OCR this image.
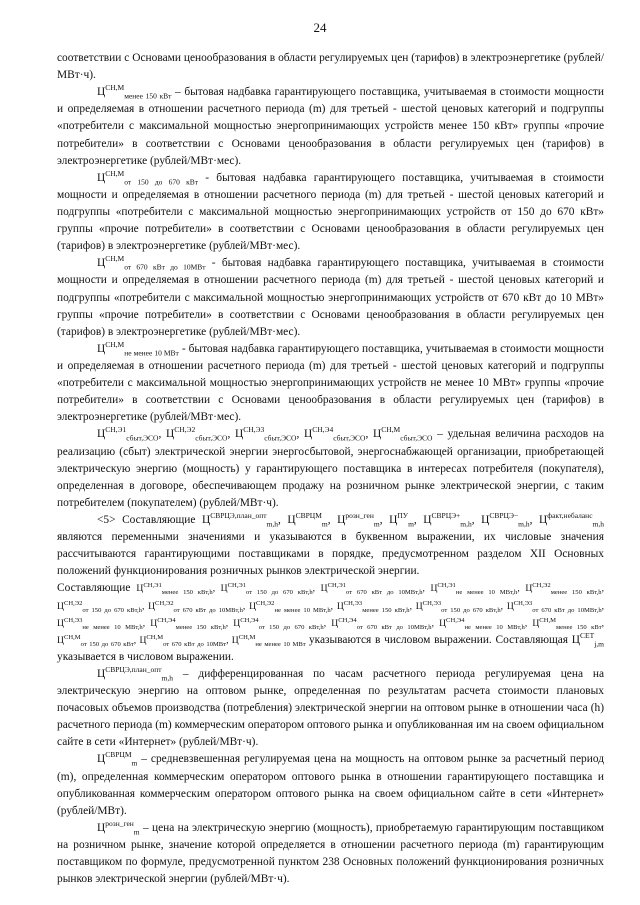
24

соответствии с Основами ценообразования в области регулируемых цен (тарифов) в электроэнергетике (рублей/МВт·ч).

$Ц^{СН,М}_{менее 150 кВт}$ – бытовая надбавка гарантирующего поставщика, учитываемая в стоимости мощности и определяемая в отношении расчетного периода (m) для третьей - шестой ценовых категорий и подгруппы «потребители с максимальной мощностью энергопринимающих устройств менее 150 кВт» группы «прочие потребители» в соответствии с Основами ценообразования в области регулируемых цен (тарифов) в электроэнергетике (рублей/МВт·мес).

$Ц^{СН,М}_{от 150 до 670 кВт}$ - бытовая надбавка гарантирующего поставщика, учитываемая в стоимости мощности и определяемая в отношении расчетного периода (m) для третьей - шестой ценовых категорий и подгруппы «потребители с максимальной мощностью энергопринимающих устройств от 150 до 670 кВт» группы «прочие потребители» в соответствии с Основами ценообразования в области регулируемых цен (тарифов) в электроэнергетике (рублей/МВт·мес).

$Ц^{СН,М}_{от 670 кВт до 10МВт}$ - бытовая надбавка гарантирующего поставщика, учитываемая в стоимости мощности и определяемая в отношении расчетного периода (m) для третьей - шестой ценовых категорий и подгруппы «потребители с максимальной мощностью энергопринимающих устройств от 670 кВт до 10 МВт» группы «прочие потребители» в соответствии с Основами ценообразования в области регулируемых цен (тарифов) в электроэнергетике (рублей/МВт·мес).

$Ц^{СН,М}_{не менее 10 МВт}$ - бытовая надбавка гарантирующего поставщика, учитываемая в стоимости мощности и определяемая в отношении расчетного периода (m) для третьей - шестой ценовых категорий и подгруппы «потребители с максимальной мощностью энергопринимающих устройств не менее 10 МВт» группы «прочие потребители» в соответствии с Основами ценообразования в области регулируемых цен (тарифов) в электроэнергетике (рублей/МВт·мес).

$Ц^{СН,Э1}_{сбыт,ЭСО}$, $Ц^{СН,Э2}_{сбыт,ЭСО}$, $Ц^{СН,Э3}_{сбыт,ЭСО}$, $Ц^{СН,Э4}_{сбыт,ЭСО}$, $Ц^{СН,М}_{сбыт,ЭСО}$ – удельная величина расходов на реализацию (сбыт) электрической энергии энергосбытовой, энергоснабжающей организации, приобретающей электрическую энергию (мощность) у гарантирующего поставщика в интересах потребителя (покупателя), определенная в договоре, обеспечивающем продажу на розничном рынке электрической энергии, с таким потребителем (покупателем) (рублей/МВт·ч).

<5> Составляющие $Ц^{СВРЦЭ,план\_опт}_{m,h}$, $Ц^{СВРЦМ}_m$, $Ц^{розн\_ген}_m$, $Ц^{ПУ}_m$, $Ц^{СВРЦЭ+}_{m,h}$, $Ц^{СВРЦЭ-}_{m,h}$, $Ц^{факт,небаланс}_{m,h}$ являются переменными значениями и указываются в буквенном выражении, их числовые значения рассчитываются гарантирующими поставщиками в порядке, предусмотренном разделом XII Основных положений функционирования розничных рынков электрической энергии.

Составляющие $Ц^{СН,Э1}_{менее 150 кВт,h}$, $Ц^{СН,Э1}_{от 150 до 670 кВт,h}$, $Ц^{СН,Э1}_{от 670 кВт до 10МВт,h}$, $Ц^{СН,Э1}_{не менее 10 МВт,h}$, $Ц^{СН,Э2}_{менее 150 кВт,h}$, $Ц^{СН,Э2}_{от 150 до 670 кВт,h}$, $Ц^{СН,Э2}_{от 670 кВт до 10МВт,h}$, $Ц^{СН,Э2}_{не менее 10 МВт,h}$, $Ц^{СН,Э3}_{менее 150 кВт,h}$, $Ц^{СН,Э3}_{от 150 до 670 кВт,h}$, $Ц^{СН,Э3}_{от 670 кВт до 10МВт,h}$, $Ц^{СН,Э3}_{не менее 10 МВт,h}$, $Ц^{СН,Э4}_{менее 150 кВт,h}$, $Ц^{СН,Э4}_{от 150 до 670 кВт,h}$, $Ц^{СН,Э4}_{от 670 кВт до 10МВт,h}$, $Ц^{СН,Э4}_{не менее 10 МВт,h}$, $Ц^{СН,М}_{менее 150 кВт}$, $Ц^{СН,М}_{от 150 до 670 кВт}$, $Ц^{СН,М}_{от 670 кВт до 10МВт}$, $Ц^{СН,М}_{не менее 10 МВт}$ указываются в числовом выражении. Составляющая $Ц^{СЕТ}_{j,m}$ указывается в числовом выражении.

$Ц^{СВРЦЭ,план\_опт}_{m,h}$ – дифференцированная по часам расчетного периода регулируемая цена на электрическую энергию на оптовом рынке, определенная по результатам расчета стоимости плановых почасовых объемов производства (потребления) электрической энергии на оптовом рынке в отношении часа (h) расчетного периода (m) коммерческим оператором оптового рынка и опубликованная им на своем официальном сайте в сети «Интернет» (рублей/МВт·ч).

$Ц^{СВРЦМ}_m$ – средневзвешенная регулируемая цена на мощность на оптовом рынке за расчетный период (m), определенная коммерческим оператором оптового рынка в отношении гарантирующего поставщика и опубликованная коммерческим оператором оптового рынка на своем официальном сайте в сети «Интернет» (рублей/МВт).

$Ц^{розн\_ген}_m$ – цена на электрическую энергию (мощность), приобретаемую гарантирующим поставщиком на розничном рынке, значение которой определяется в отношении расчетного периода (m) гарантирующим поставщиком по формуле, предусмотренной пунктом 238 Основных положений функционирования розничных рынков электрической энергии (рублей/МВт·ч).
